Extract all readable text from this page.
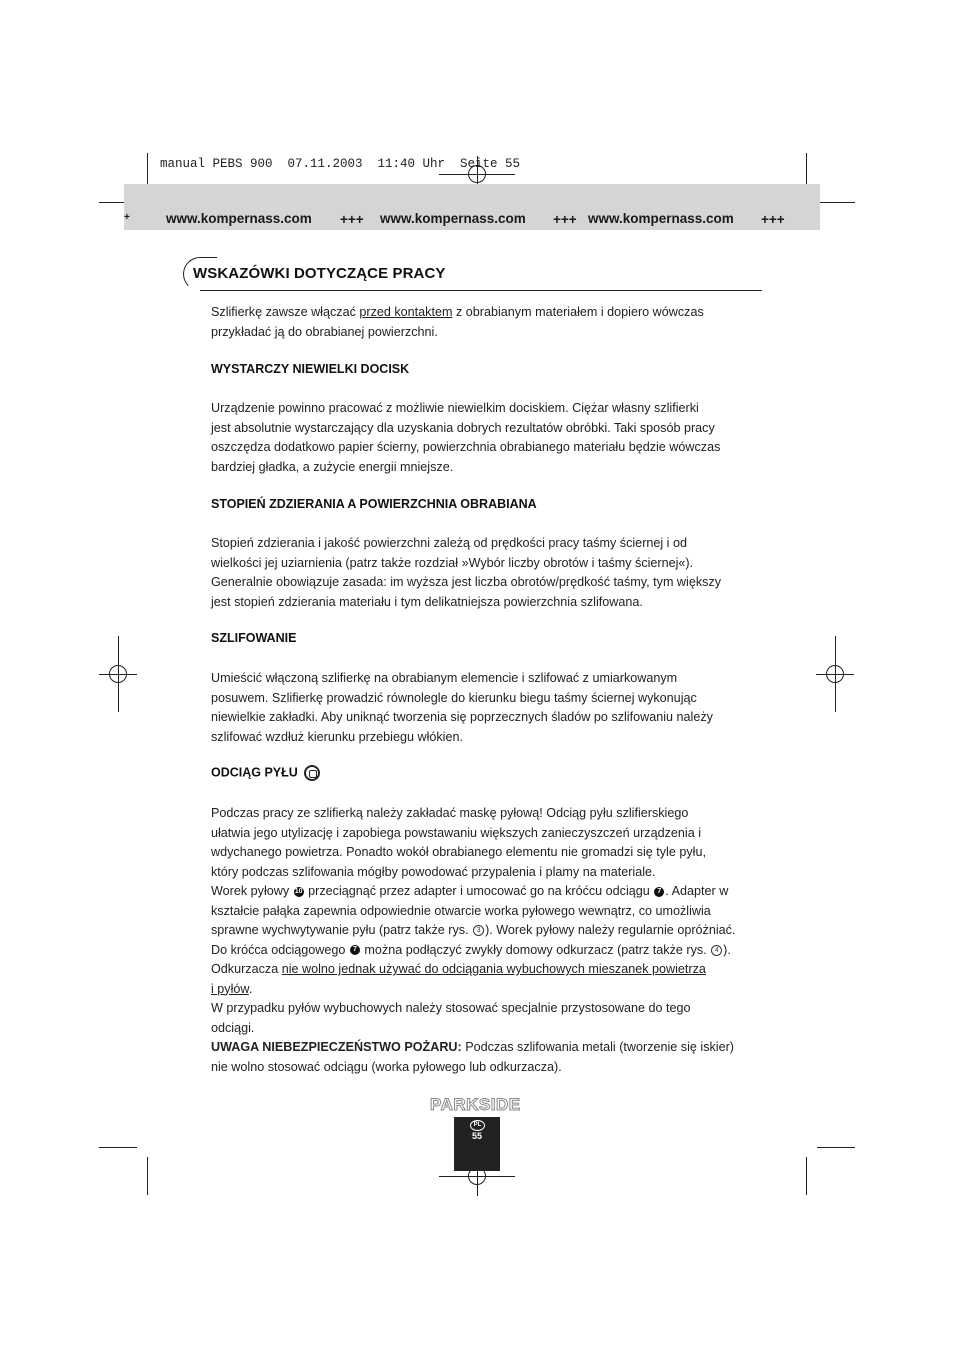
manual PEBS 900  07.11.2003  11:40 Uhr  Seite 55
www.kompernass.com +++ www.kompernass.com +++ www.kompernass.com +++
+
WSKAZÓWKI DOTYCZĄCE PRACY
Szlifierkę zawsze włączać przed kontaktem z obrabianym materiałem i dopiero wówczas
przykładać ją do obrabianej powierzchni.
WYSTARCZY NIEWIELKI DOCISK
Urządzenie powinno pracować z możliwie niewielkim dociskiem. Ciężar własny szlifierki
jest absolutnie wystarczający dla uzyskania dobrych rezultatów obróbki. Taki sposób pracy
oszczędza dodatkowo papier ścierny, powierzchnia obrabianego materiału będzie wówczas
bardziej gładka, a zużycie energii mniejsze.
STOPIEŃ ZDZIERANIA A POWIERZCHNIA OBRABIANA
Stopień zdzierania i jakość powierzchni zależą od prędkości pracy taśmy ściernej i od
wielkości jej uziarnienia (patrz także rozdział »Wybór liczby obrotów i taśmy ściernej«).
Generalnie obowiązuje zasada: im wyższa jest liczba obrotów/prędkość taśmy, tym większy
jest stopień zdzierania materiału i tym delikatniejsza powierzchnia szlifowana.
SZLIFOWANIE
Umieścić włączoną szlifierkę na obrabianym elemencie i szlifować z umiarkowanym
posuwem. Szlifierkę prowadzić równolegle do kierunku biegu taśmy ściernej wykonując
niewielkie zakładki. Aby uniknąć tworzenia się poprzecznych śladów po szlifowaniu należy
szlifować wzdłuż kierunku przebiegu włókien.
ODCIĄG PYŁU
Podczas pracy ze szlifierką należy zakładać maskę pyłową! Odciąg pyłu szlifierskiego
ułatwia jego utylizację i zapobiega powstawaniu większych zanieczyszczeń urządzenia i
wdychanego powietrza. Ponadto wokół obrabianego elementu nie gromadzi się tyle pyłu,
który podczas szlifowania mógłby powodować przypalenia i plamy na materiale.
Worek pyłowy 10 przeciągnąć przez adapter i umocować go na króćcu odciągu 7 . Adapter w
kształcie pałąka zapewnia odpowiednie otwarcie worka pyłowego wewnątrz, co umożliwia
sprawne wychwytywanie pyłu (patrz także rys. 3 ). Worek pyłowy należy regularnie opróżniać.
Do króćca odciągowego 7 można podłączyć zwykły domowy odkurzacz (patrz także rys. 4 ).
Odkurzacza nie wolno jednak używać do odciągania wybuchowych mieszanek powietrza
i pyłów.
W przypadku pyłów wybuchowych należy stosować specjalnie przystosowane do tego
odciągi.
UWAGA NIEBEZPIECZEŃSTWO POŻARU: Podczas szlifowania metali (tworzenie się iskier)
nie wolno stosować odciągu (worka pyłowego lub odkurzacza).
PARKSIDE
PL
55
